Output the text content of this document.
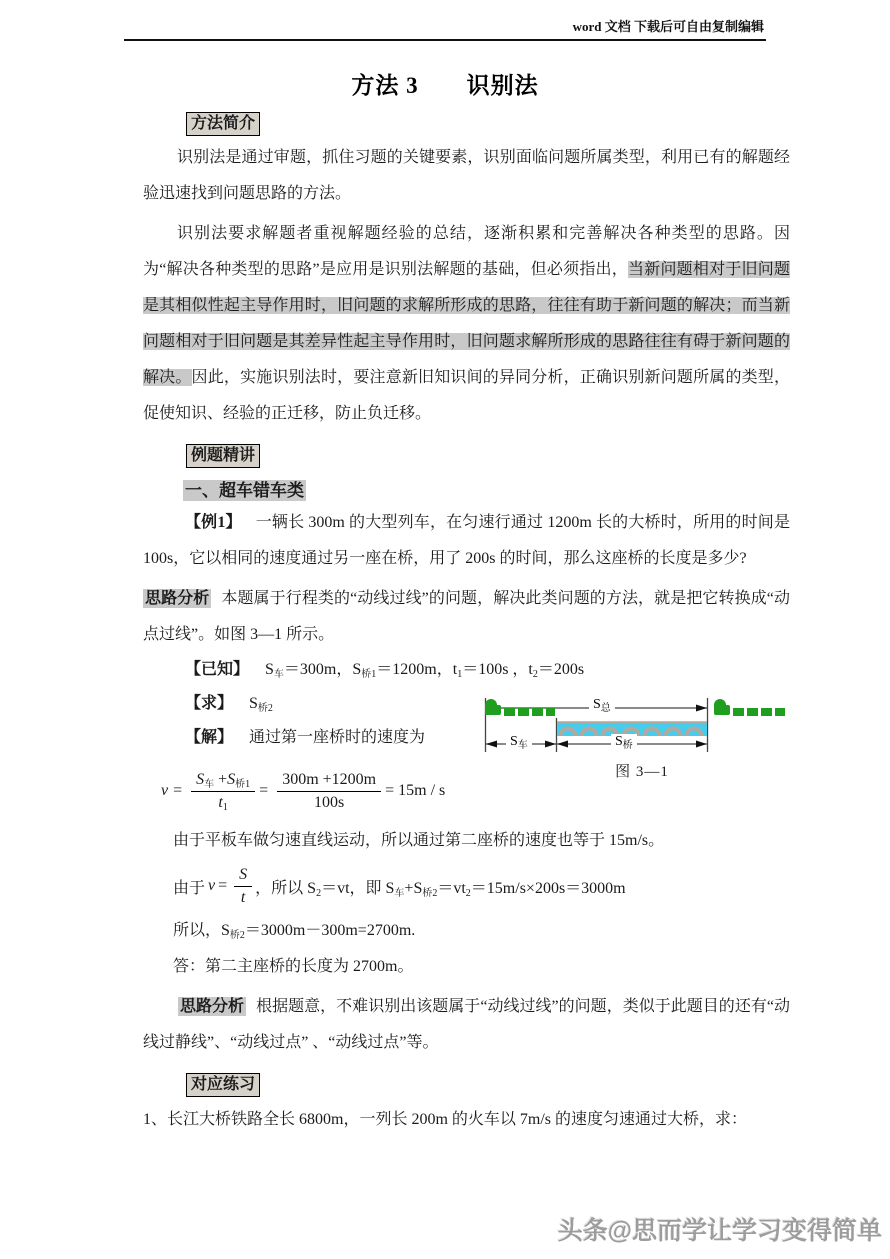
word 文档 下载后可自由复制编辑
方法 3　　识别法
方法简介

识别法是通过审题，抓住习题的关键要素，识别面临问题所属类型，利用已有的解题经验迅速找到问题思路的方法。

识别法要求解题者重视解题经验的总结，逐渐积累和完善解决各种类型的思路。因为“解决各种类型的思路”是应用是识别法解题的基础，但必须指出，当新问题相对于旧问题是其相似性起主导作用时，旧问题的求解所形成的思路，往往有助于新问题的解决；而当新问题相对于旧问题是其差异性起主导作用时，旧问题求解所形成的思路往往有碍于新问题的解决。因此，实施识别法时，要注意新旧知识间的异同分析，正确识别新问题所属的类型，促使知识、经验的正迁移，防止负迁移。

例题精讲
一、超车错车类

【例1】 一辆长 300m 的大型列车，在匀速行通过 1200m 长的大桥时，所用的时间是100s，它以相同的速度通过另一座在桥，用了 200s 的时间，那么这座桥的长度是多少?

思路分析 本题属于行程类的“动线过线”的问题，解决此类问题的方法，就是把它转换成“动点过线”。如图 3—1 所示。

【已知】 $S_车=300m$，$S_{桥1}=1200m$，$t_1=100s$ ，$t_2=200s$

【求】 $S_{桥2}$

【解】 通过第一座桥时的速度为

$v = \frac{S_车 +S_{桥1}}{t_1} = \frac{300m +1200m}{100s} = 15m / s$

由于平板车做匀速直线运动，所以通过第二座桥的速度也等于 15m/s。

由于 $v = \frac{S}{t}$ ，所以 $S_2=vt$，即 $S_车+S_{桥2}=vt_2=15m/s\times 200s=3000m$

所以，$S_{桥2}=3000m-300m=2700m$.

答：第二主座桥的长度为 2700m。

思路分析 根据题意，不难识别出该题属于“动线过线”的问题，类似于此题目的还有“动线过静线”、“动线过点” 、“动线过点”等。

对应练习

1、长江大桥铁路全长 6800m，一列长 200m 的火车以 7m/s 的速度匀速通过大桥，求：

$S_总$
$S_车$	$S_桥$
图 3—1
头条@思而学让学习变得简单
